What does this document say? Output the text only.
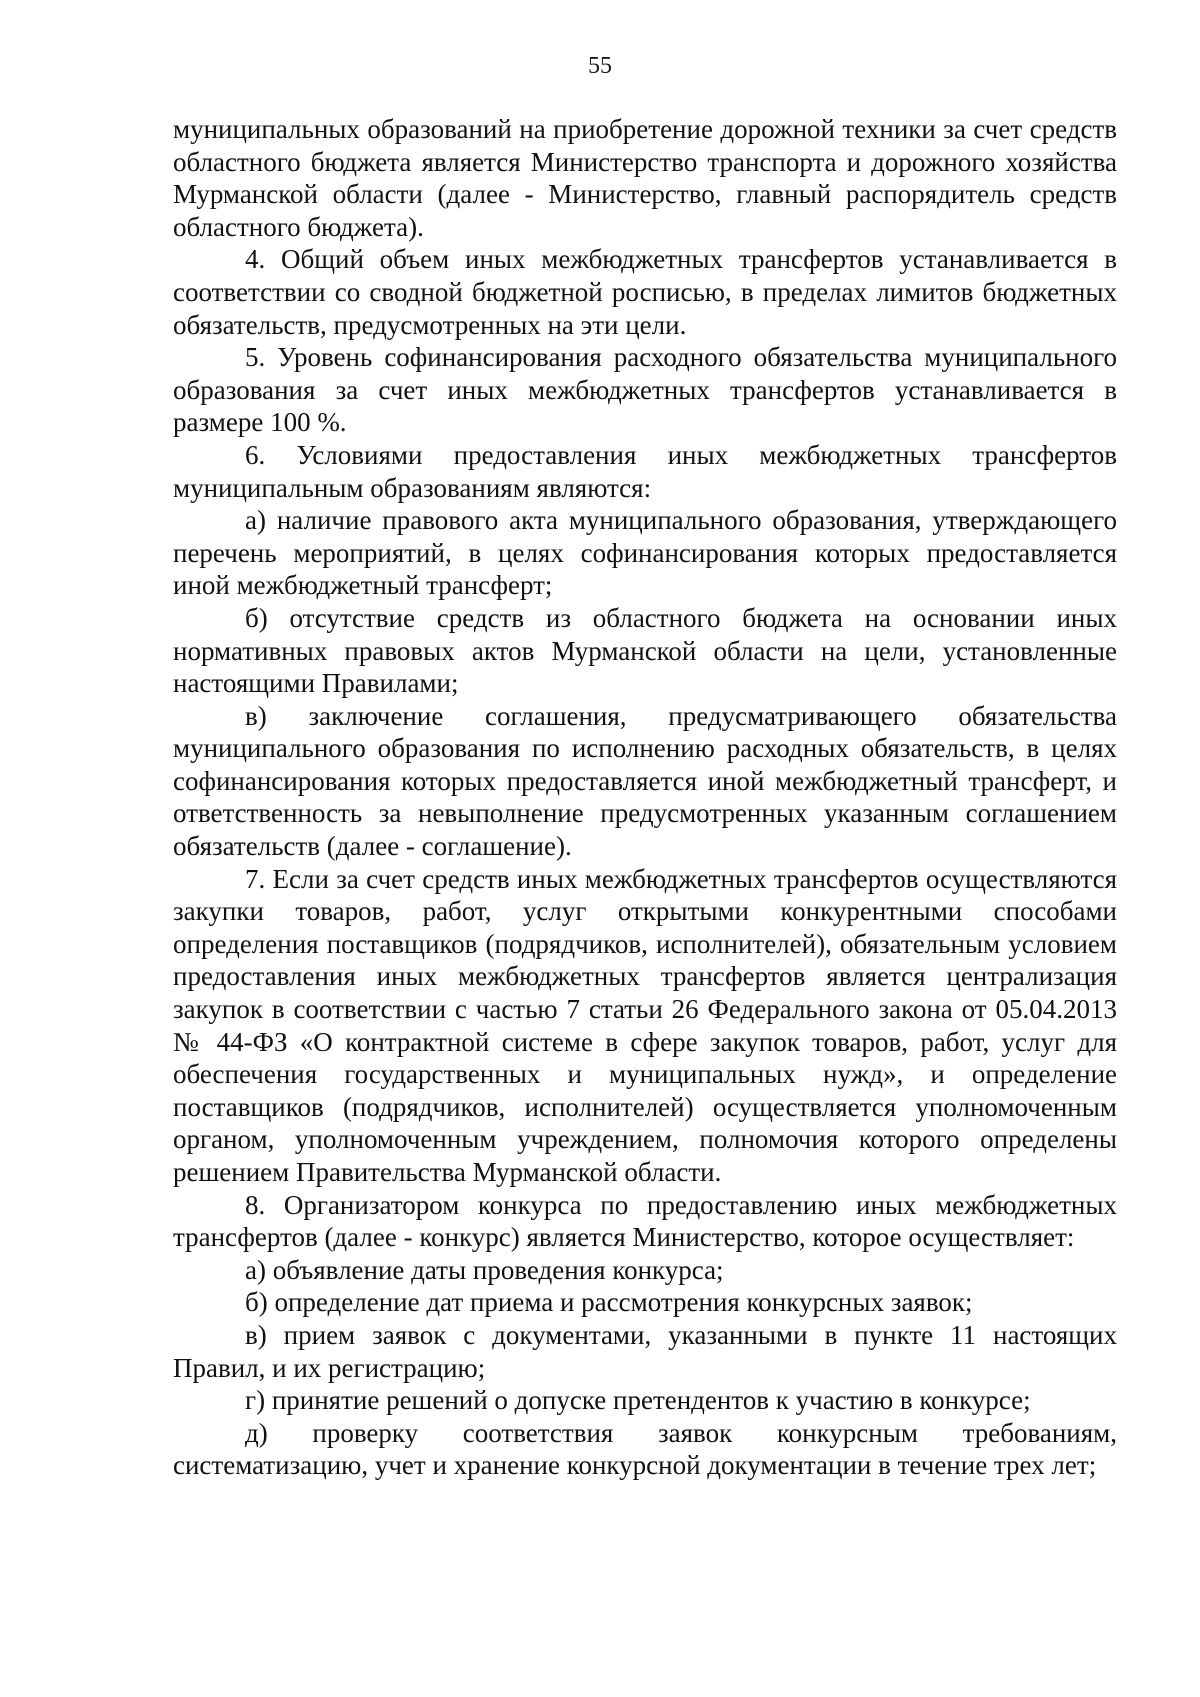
55

муниципальных образований на приобретение дорожной техники за счет средств областного бюджета является Министерство транспорта и дорожного хозяйства Мурманской области (далее - Министерство, главный распорядитель средств областного бюджета).

4. Общий объем иных межбюджетных трансфертов устанавливается в соответствии со сводной бюджетной росписью, в пределах лимитов бюджетных обязательств, предусмотренных на эти цели.

5. Уровень софинансирования расходного обязательства муниципального образования за счет иных межбюджетных трансфертов устанавливается в размере 100 %.

6. Условиями предоставления иных межбюджетных трансфертов муниципальным образованиям являются:

а) наличие правового акта муниципального образования, утверждающего перечень мероприятий, в целях софинансирования которых предоставляется иной межбюджетный трансферт;

б) отсутствие средств из областного бюджета на основании иных нормативных правовых актов Мурманской области на цели, установленные настоящими Правилами;

в) заключение соглашения, предусматривающего обязательства муниципального образования по исполнению расходных обязательств, в целях софинансирования которых предоставляется иной межбюджетный трансферт, и ответственность за невыполнение предусмотренных указанным соглашением обязательств (далее - соглашение).

7. Если за счет средств иных межбюджетных трансфертов осуществляются закупки товаров, работ, услуг открытыми конкурентными способами определения поставщиков (подрядчиков, исполнителей), обязательным условием предоставления иных межбюджетных трансфертов является централизация закупок в соответствии с частью 7 статьи 26 Федерального закона от 05.04.2013 № 44-ФЗ «О контрактной системе в сфере закупок товаров, работ, услуг для обеспечения государственных и муниципальных нужд», и определение поставщиков (подрядчиков, исполнителей) осуществляется уполномоченным органом, уполномоченным учреждением, полномочия которого определены решением Правительства Мурманской области.

8. Организатором конкурса по предоставлению иных межбюджетных трансфертов (далее - конкурс) является Министерство, которое осуществляет:

а) объявление даты проведения конкурса;

б) определение дат приема и рассмотрения конкурсных заявок;

в) прием заявок с документами, указанными в пункте 11 настоящих Правил, и их регистрацию;

г) принятие решений о допуске претендентов к участию в конкурсе;

д) проверку соответствия заявок конкурсным требованиям, систематизацию, учет и хранение конкурсной документации в течение трех лет;
